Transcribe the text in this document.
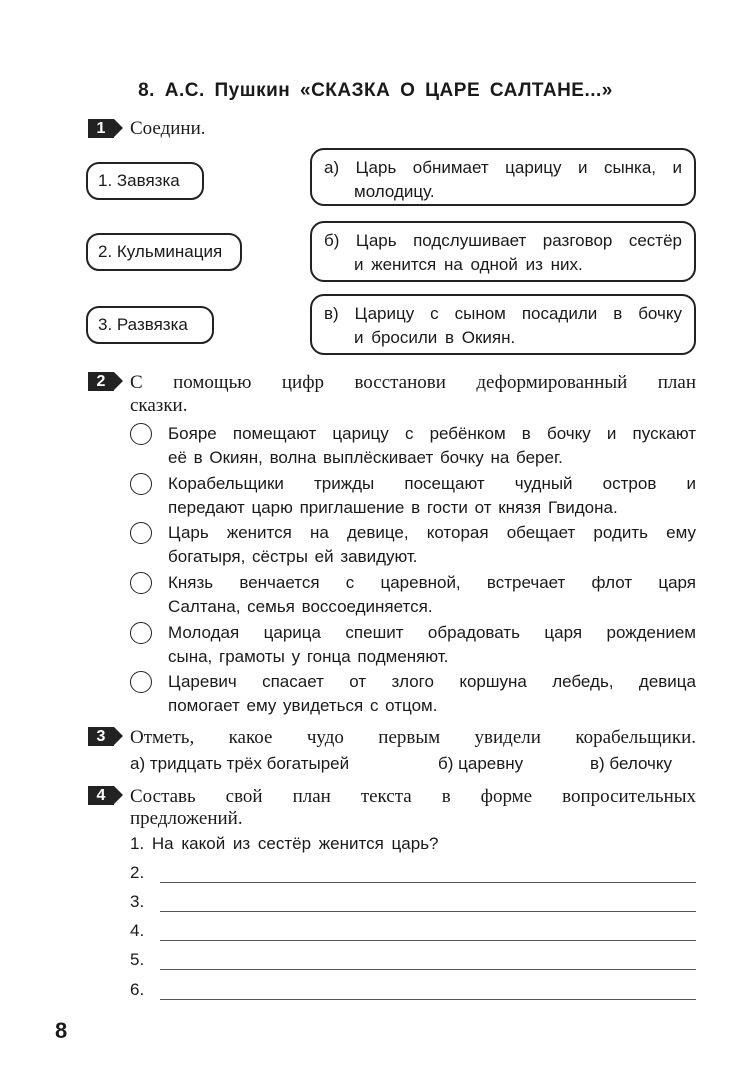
8. А.С. Пушкин «СКАЗКА О ЦАРЕ САЛТАНЕ...»
1	Соедини.
1. Завязка
2. Кульминация
3. Развязка
а) Царь обнимает царицу и сынка, и
молодицу.
б) Царь подслушивает разговор сестёр
и женится на одной из них.
в) Царицу с сыном посадили в бочку
и бросили в Окиян.
2	С помощью цифр восстанови деформированный план
сказки.
Бояре помещают царицу с ребёнком в бочку и пускают
её в Окиян, волна выплёскивает бочку на берег.
Корабельщики трижды посещают чудный остров и
передают царю приглашение в гости от князя Гвидона.
Царь женится на девице, которая обещает родить ему
богатыря, сёстры ей завидуют.
Князь венчается с царевной, встречает флот царя
Салтана, семья воссоединяется.
Молодая царица спешит обрадовать царя рождением
сына, грамоты у гонца подменяют.
Царевич спасает от злого коршуна лебедь, девица
помогает ему увидеться с отцом.
3	Отметь, какое чудо первым увидели корабельщики.
а) тридцать трёх богатырей	б) царевну	в) белочку
4	Составь свой план текста в форме вопросительных
предложений.
1. На какой из сестёр женится царь?
2.
3.
4.
5.
6.
8
